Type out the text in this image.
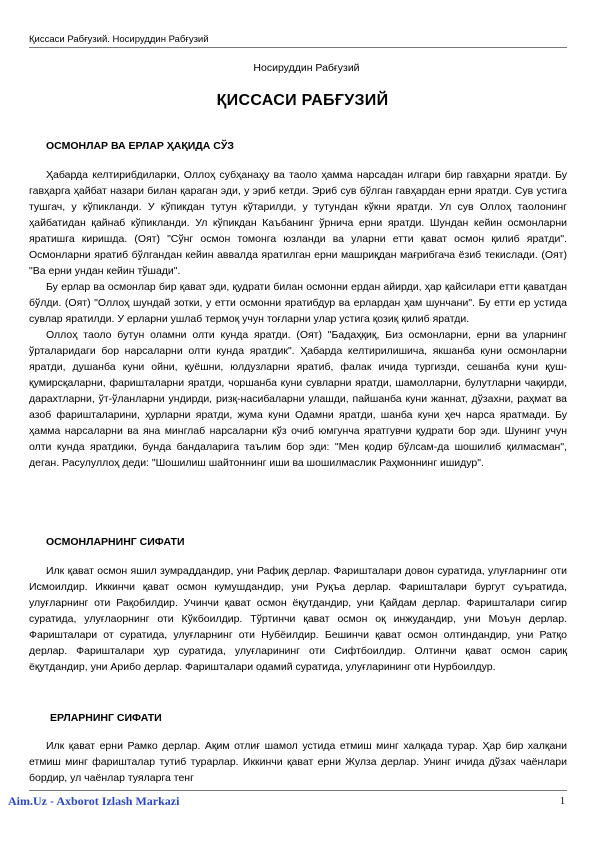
Қиссаси Рабғузий. Носируддин Рабғузий
Носируддин Рабғузий
ҚИССАСИ РАБҒУЗИЙ
ОСМОНЛАР ВА ЕРЛАР ҲАҚИДА СЎЗ

Ҳабарда келтирибдиларки, Оллоҳ субҳанаҳу ва таоло ҳамма нарсадан илгари бир гавҳарни яратди. Бу гавҳарга ҳайбат назари билан қараган эди, у эриб кетди. Эриб сув бўлган гавҳардан ерни яратди. Сув устига тушгач, у кўпикланди. У кўпикдан тутун кўтарилди, у тутундан кўкни яратди. Ул сув Оллоҳ таолонинг ҳайбатидан қайнаб кўпикланди. Ул кўпикдан Каъбанинг ўрнича ерни яратди. Шундан кейин осмонларни яратишга киришда. (Оят) "Сўнг осмон томонга юзланди ва уларни етти қават осмон қилиб яратди". Осмонларни яратиб бўлгандан кейин аввалда яратилган ерни машриқдан мағрибгача ёзиб текислади. (Оят) "Ва ерни ундан кейин тўшади".

Бу ерлар ва осмонлар бир қават эди, қудрати билан осмонни ердан айирди, ҳар қайсилари етти қаватдан бўлди. (Оят) "Оллоҳ шундай зотки, у етти осмонни яратибдур ва ерлардан ҳам шунчани". Бу етти ер устида сувлар яратилди. У ерларни ушлаб термоқ учун тоғларни улар устига қозиқ қилиб яратди.

Оллоҳ таоло бутун оламни олти кунда яратди. (Оят) "Бадаҳқиқ, Биз осмонларни, ерни ва уларнинг ўрталаридаги бор нарсаларни олти кунда яратдик". Ҳабарда келтирилишича, якшанба куни осмонларни яратди, душанба куни ойни, қуёшни, юлдузларни яратиб, фалак ичида тургизди, сешанба куни қуш-қумирсқаларни, фаришталарни яратди, чоршанба куни сувларни яратди, шамолларни, булутларни чақирди, дарахтларни, ўт-ўланларни ундирди, ризқ-насибаларни улашди, пайшанба куни жаннат, дўзахни, раҳмат ва азоб фаришталарини, ҳурларни яратди, жума куни Одамни яратди, шанба куни ҳеч нарса яратмади. Бу ҳамма нарсаларни ва яна минглаб нарсаларни кўз очиб юмгунча яратгувчи қудрати бор эди. Шунинг учун олти кунда яратдики, бунда бандаларига таълим бор эди: "Мен қодир бўлсам-да шошилиб қилмасман", деган. Расулуллоҳ деди: "Шошилиш шайтоннинг иши ва шошилмаслик Раҳмоннинг ишидур".

ОСМОНЛАРНИНГ СИФАТИ

Илк қават осмон яшил зумраддандир, уни Рафиқ дерлар. Фаришталари довон суратида, улуғларнинг оти Исмоилдир. Иккинчи қават осмон кумушдандир, уни Руқъа дерлар. Фаришталари бургут суъратида, улуғларнинг оти Рақобилдир. Учинчи қават осмон ёқутдандир, уни Қайдам дерлар. Фаришталари сигир суратида, улуғлаорнинг оти Кўкбоилдир. Тўртинчи қават осмон оқ инжудандир, уни Моъун дерлар. Фаришталари от суратида, улуғларнинг оти Нубёилдир. Бешинчи қават осмон олтиндандир, уни Ратқо дерлар. Фаришталари ҳур суратида, улуғларининг оти Сифтбоилдир. Олтинчи қават осмон сариқ ёқутдандир, уни Арибо дерлар. Фаришталари одамий суратида, улуғларининг оти Нурбоилдур.

ЕРЛАРНИНГ СИФАТИ

Илк қават ерни Рамко дерлар. Ақим отлиғ шамол устида етмиш минг халқада турар. Ҳар бир халқани етмиш минг фаришталар тутиб турарлар. Иккинчи қават ерни Жулза дерлар. Унинг ичида дўзах чаёнлари бордир, ул чаёнлар туяларга тенг

Aim.Uz - Axborot Izlash Markazi	1
